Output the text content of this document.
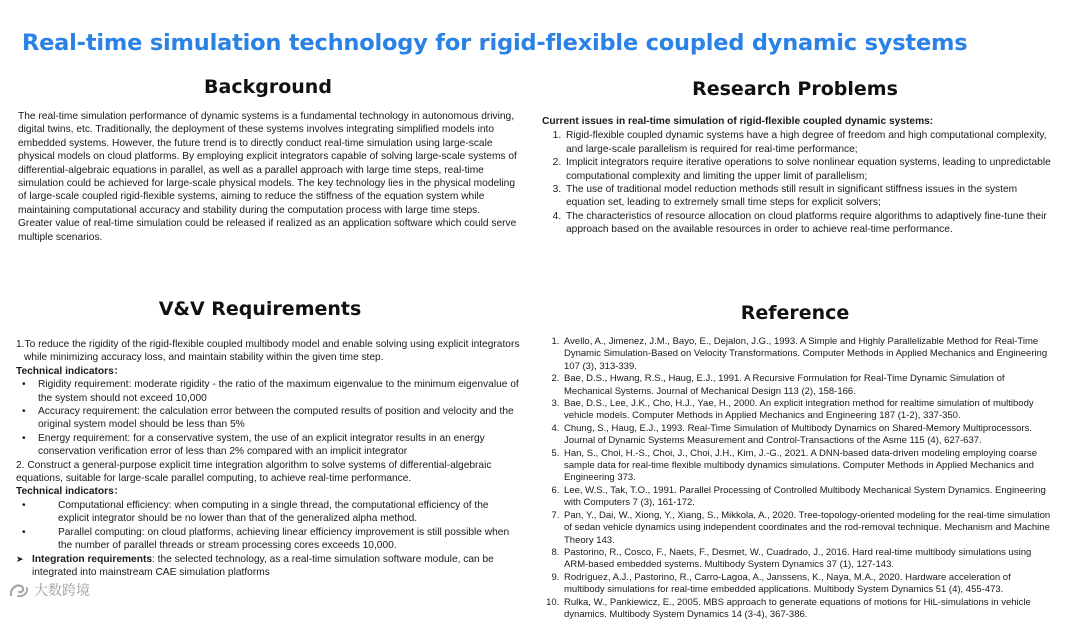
Real-time simulation technology for rigid-flexible coupled dynamic systems
Background

The real-time simulation performance of dynamic systems is a fundamental technology in autonomous driving, digital twins, etc. Traditionally, the deployment of these systems involves integrating simplified models into embedded systems. However, the future trend is to directly conduct real-time simulation using large-scale physical models on cloud platforms. By employing explicit integrators capable of solving large-scale systems of differential-algebraic equations in parallel, as well as a parallel approach with large time steps, real-time simulation could be achieved for large-scale physical models. The key technology lies in the physical modeling of large-scale coupled rigid-flexible systems, aiming to reduce the stiffness of the equation system while maintaining computational accuracy and stability during the computation process with large time steps.

Greater value of real-time simulation could be released if realized as an application software which could serve multiple scenarios.

Research Problems
Current issues in real-time simulation of rigid-flexible coupled dynamic systems:
1. Rigid-flexible coupled dynamic systems have a high degree of freedom and high computational complexity, and large-scale parallelism is required for real-time performance;
2. Implicit integrators require iterative operations to solve nonlinear equation systems, leading to unpredictable computational complexity and limiting the upper limit of parallelism;
3. The use of traditional model reduction methods still result in significant stiffness issues in the system equation set, leading to extremely small time steps for explicit solvers;
4. The characteristics of resource allocation on cloud platforms require algorithms to adaptively fine-tune their approach based on the available resources in order to achieve real-time performance.
V&V Requirements

1.To reduce the rigidity of the rigid-flexible coupled multibody model and enable solving using explicit integrators while minimizing accuracy loss, and maintain stability within the given time step.

Technical indicators：

• Rigidity requirement: moderate rigidity - the ratio of the maximum eigenvalue to the minimum eigenvalue of the system should not exceed 10,000
• Accuracy requirement: the calculation error between the computed results of position and velocity and the original system model should be less than 5%
• Energy requirement: for a conservative system, the use of an explicit integrator results in an energy conservation verification error of less than 2% compared with an implicit integrator

2. Construct a general-purpose explicit time integration algorithm to solve systems of differential-algebraic equations, suitable for large-scale parallel computing, to achieve real-time performance.

Technical indicators：

• Computational efficiency: when computing in a single thread, the computational efficiency of the explicit integrator should be no lower than that of the generalized alpha method.
• Parallel computing: on cloud platforms, achieving linear efficiency improvement is still possible when the number of parallel threads or stream processing cores exceeds 10,000.

➤ Integration requirements: the selected technology, as a real-time simulation software module, can be integrated into mainstream CAE simulation platforms

Reference
1. Avello, A., Jimenez, J.M., Bayo, E., Dejalon, J.G., 1993. A Simple and Highly Parallelizable Method for Real-Time Dynamic Simulation-Based on Velocity Transformations. Computer Methods in Applied Mechanics and Engineering 107 (3), 313-339.
2. Bae, D.S., Hwang, R.S., Haug, E.J., 1991. A Recursive Formulation for Real-Time Dynamic Simulation of Mechanical Systems. Journal of Mechanical Design 113 (2), 158-166.
3. Bae, D.S., Lee, J.K., Cho, H.J., Yae, H., 2000. An explicit integration method for realtime simulation of multibody vehicle models. Computer Methods in Applied Mechanics and Engineering 187 (1-2), 337-350.
4. Chung, S., Haug, E.J., 1993. Real-Time Simulation of Multibody Dynamics on Shared-Memory Multiprocessors. Journal of Dynamic Systems Measurement and Control-Transactions of the Asme 115 (4), 627-637.
5. Han, S., Choi, H.-S., Choi, J., Choi, J.H., Kim, J.-G., 2021. A DNN-based data-driven modeling employing coarse sample data for real-time flexible multibody dynamics simulations. Computer Methods in Applied Mechanics and Engineering 373.
6. Lee, W.S., Tak, T.O., 1991. Parallel Processing of Controlled Multibody Mechanical System Dynamics. Engineering with Computers 7 (3), 161-172.
7. Pan, Y., Dai, W., Xiong, Y., Xiang, S., Mikkola, A., 2020. Tree-topology-oriented modeling for the real-time simulation of sedan vehicle dynamics using independent coordinates and the rod-removal technique. Mechanism and Machine Theory 143.
8. Pastorino, R., Cosco, F., Naets, F., Desmet, W., Cuadrado, J., 2016. Hard real-time multibody simulations using ARM-based embedded systems. Multibody System Dynamics 37 (1), 127-143.
9. Rodríguez, A.J., Pastorino, R., Carro-Lagoa, A., Janssens, K., Naya, M.A., 2020. Hardware acceleration of multibody simulations for real-time embedded applications. Multibody System Dynamics 51 (4), 455-473.
10. Rulka, W., Pankiewicz, E., 2005. MBS approach to generate equations of motions for HiL-simulations in vehicle dynamics. Multibody System Dynamics 14 (3-4), 367-386.
大数跨境
